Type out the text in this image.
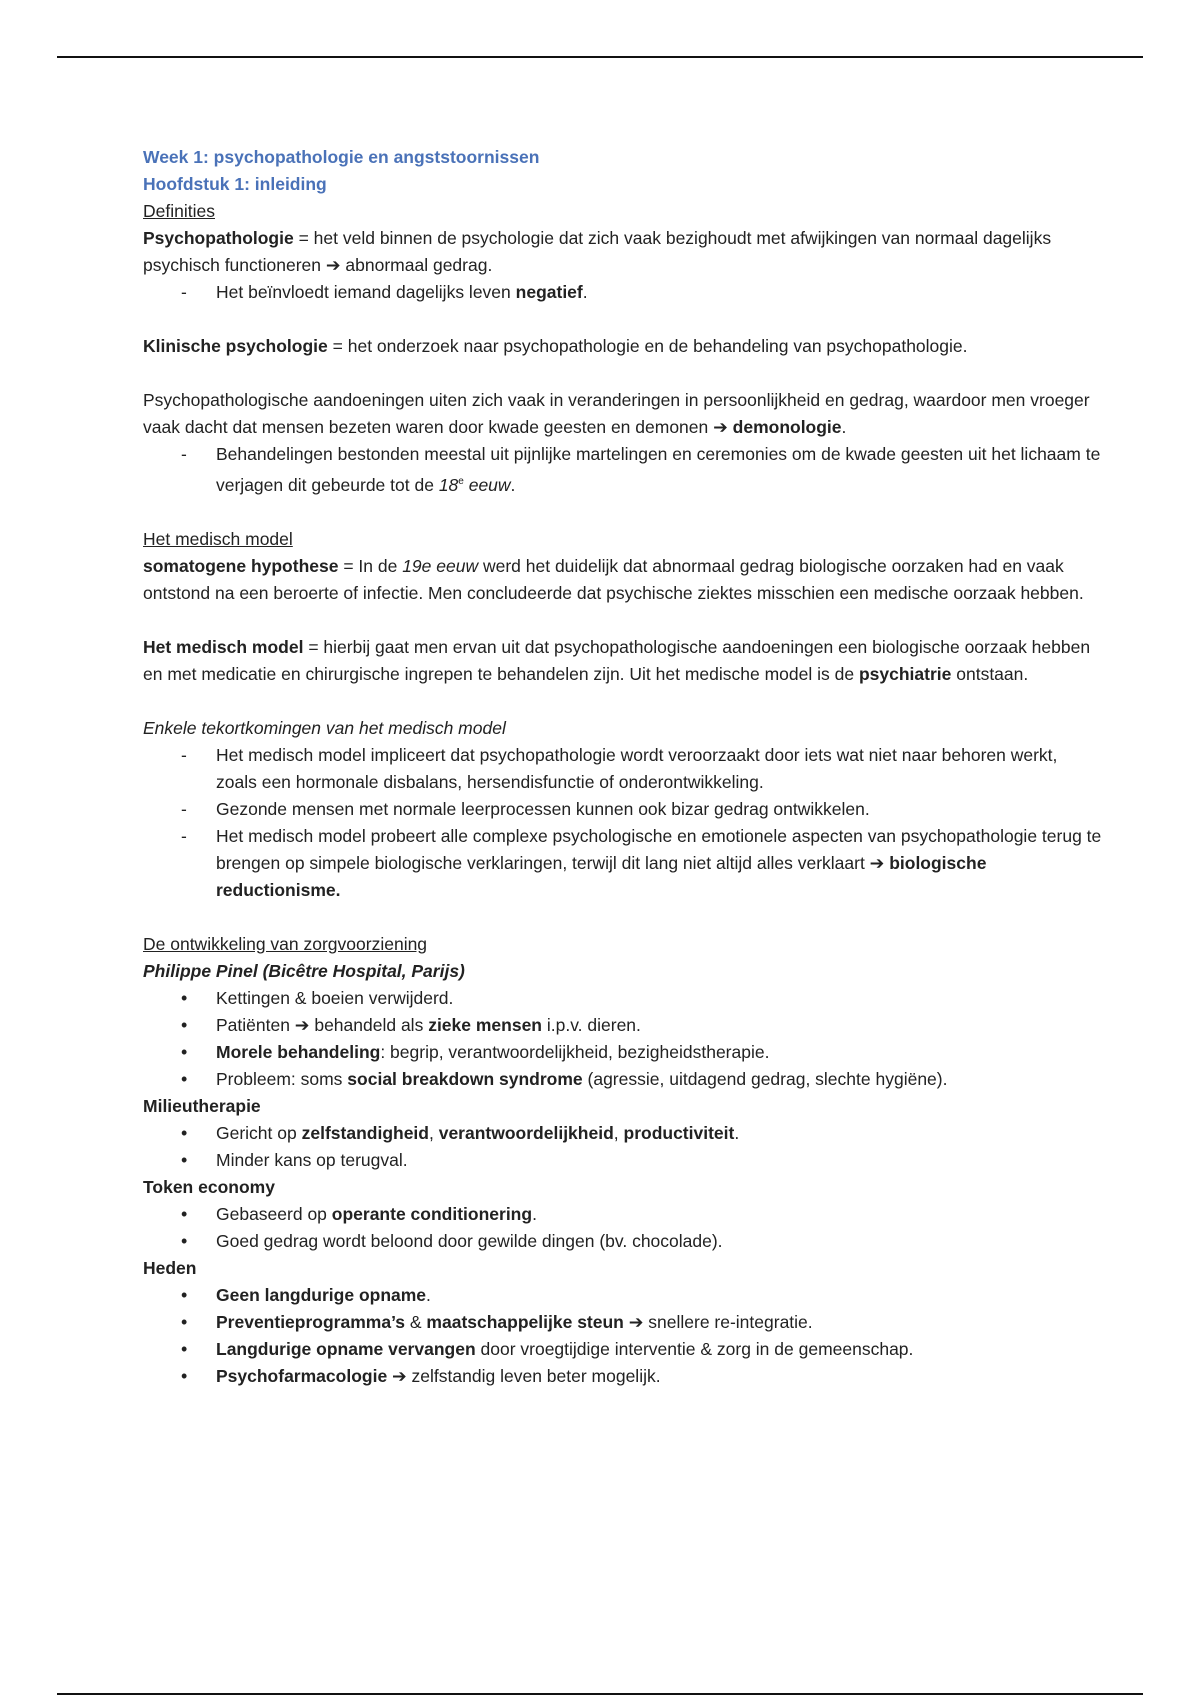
Week 1: psychopathologie en angststoornissen
Hoofdstuk 1: inleiding
Definities

Psychopathologie = het veld binnen de psychologie dat zich vaak bezighoudt met afwijkingen van normaal dagelijks psychisch functioneren ➔ abnormaal gedrag.

- Het beïnvloedt iemand dagelijks leven negatief.

Klinische psychologie = het onderzoek naar psychopathologie en de behandeling van psychopathologie.

Psychopathologische aandoeningen uiten zich vaak in veranderingen in persoonlijkheid en gedrag, waardoor men vroeger vaak dacht dat mensen bezeten waren door kwade geesten en demonen ➔ demonologie.

- Behandelingen bestonden meestal uit pijnlijke martelingen en ceremonies om de kwade geesten uit het lichaam te verjagen dit gebeurde tot de 18e eeuw.
Het medisch model

somatogene hypothese = In de 19e eeuw werd het duidelijk dat abnormaal gedrag biologische oorzaken had en vaak ontstond na een beroerte of infectie. Men concludeerde dat psychische ziektes misschien een medische oorzaak hebben.

Het medisch model = hierbij gaat men ervan uit dat psychopathologische aandoeningen een biologische oorzaak hebben en met medicatie en chirurgische ingrepen te behandelen zijn. Uit het medische model is de psychiatrie ontstaan.

Enkele tekortkomingen van het medisch model
- Het medisch model impliceert dat psychopathologie wordt veroorzaakt door iets wat niet naar behoren werkt, zoals een hormonale disbalans, hersendisfunctie of onderontwikkeling.
- Gezonde mensen met normale leerprocessen kunnen ook bizar gedrag ontwikkelen.
- Het medisch model probeert alle complexe psychologische en emotionele aspecten van psychopathologie terug te brengen op simpele biologische verklaringen, terwijl dit lang niet altijd alles verklaart ➔ biologische reductionisme.
De ontwikkeling van zorgvoorziening
Philippe Pinel (Bicêtre Hospital, Parijs)
• Kettingen & boeien verwijderd.
• Patiënten ➔ behandeld als zieke mensen i.p.v. dieren.
• Morele behandeling: begrip, verantwoordelijkheid, bezigheidstherapie.
• Probleem: soms social breakdown syndrome (agressie, uitdagend gedrag, slechte hygiëne).
Milieutherapie
• Gericht op zelfstandigheid, verantwoordelijkheid, productiviteit.
• Minder kans op terugval.
Token economy
• Gebaseerd op operante conditionering.
• Goed gedrag wordt beloond door gewilde dingen (bv. chocolade).
Heden
• Geen langdurige opname.
• Preventieprogramma’s & maatschappelijke steun ➔ snellere re-integratie.
• Langdurige opname vervangen door vroegtijdige interventie & zorg in de gemeenschap.
• Psychofarmacologie ➔ zelfstandig leven beter mogelijk.
